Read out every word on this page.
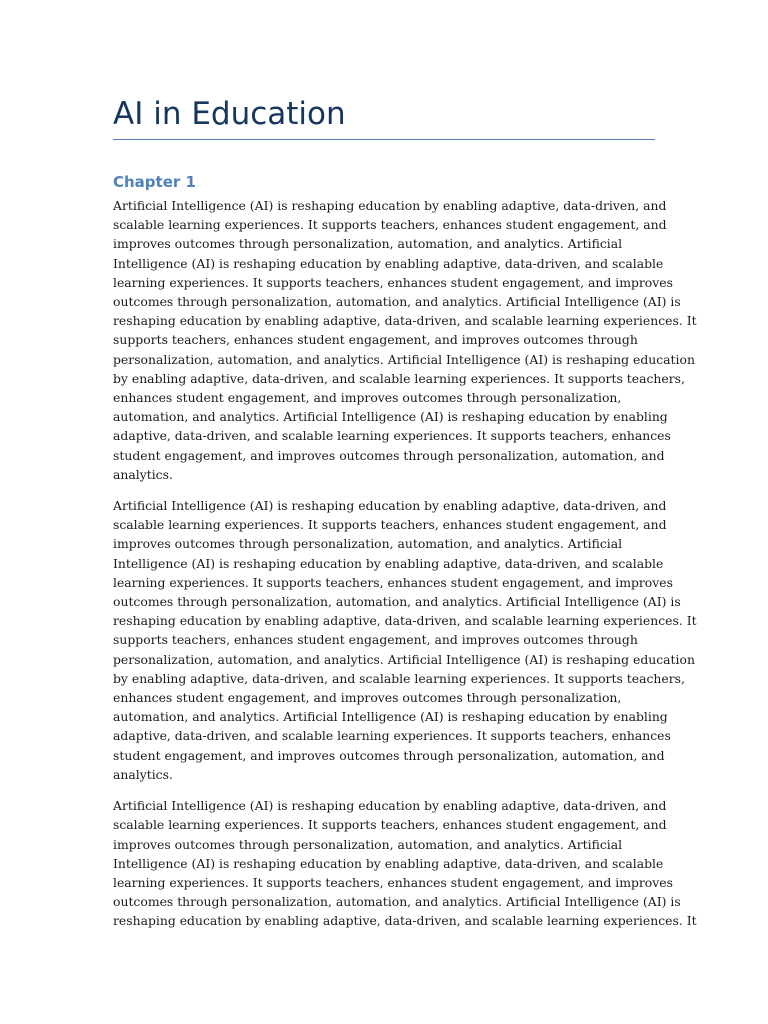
AI in Education
Chapter 1

Artificial Intelligence (AI) is reshaping education by enabling adaptive, data-driven, and
scalable learning experiences. It supports teachers, enhances student engagement, and
improves outcomes through personalization, automation, and analytics. Artificial
Intelligence (AI) is reshaping education by enabling adaptive, data-driven, and scalable
learning experiences. It supports teachers, enhances student engagement, and improves
outcomes through personalization, automation, and analytics. Artificial Intelligence (AI) is
reshaping education by enabling adaptive, data-driven, and scalable learning experiences. It
supports teachers, enhances student engagement, and improves outcomes through
personalization, automation, and analytics. Artificial Intelligence (AI) is reshaping education
by enabling adaptive, data-driven, and scalable learning experiences. It supports teachers,
enhances student engagement, and improves outcomes through personalization,
automation, and analytics. Artificial Intelligence (AI) is reshaping education by enabling
adaptive, data-driven, and scalable learning experiences. It supports teachers, enhances
student engagement, and improves outcomes through personalization, automation, and
analytics.

Artificial Intelligence (AI) is reshaping education by enabling adaptive, data-driven, and
scalable learning experiences. It supports teachers, enhances student engagement, and
improves outcomes through personalization, automation, and analytics. Artificial
Intelligence (AI) is reshaping education by enabling adaptive, data-driven, and scalable
learning experiences. It supports teachers, enhances student engagement, and improves
outcomes through personalization, automation, and analytics. Artificial Intelligence (AI) is
reshaping education by enabling adaptive, data-driven, and scalable learning experiences. It
supports teachers, enhances student engagement, and improves outcomes through
personalization, automation, and analytics. Artificial Intelligence (AI) is reshaping education
by enabling adaptive, data-driven, and scalable learning experiences. It supports teachers,
enhances student engagement, and improves outcomes through personalization,
automation, and analytics. Artificial Intelligence (AI) is reshaping education by enabling
adaptive, data-driven, and scalable learning experiences. It supports teachers, enhances
student engagement, and improves outcomes through personalization, automation, and
analytics.

Artificial Intelligence (AI) is reshaping education by enabling adaptive, data-driven, and
scalable learning experiences. It supports teachers, enhances student engagement, and
improves outcomes through personalization, automation, and analytics. Artificial
Intelligence (AI) is reshaping education by enabling adaptive, data-driven, and scalable
learning experiences. It supports teachers, enhances student engagement, and improves
outcomes through personalization, automation, and analytics. Artificial Intelligence (AI) is
reshaping education by enabling adaptive, data-driven, and scalable learning experiences. It
